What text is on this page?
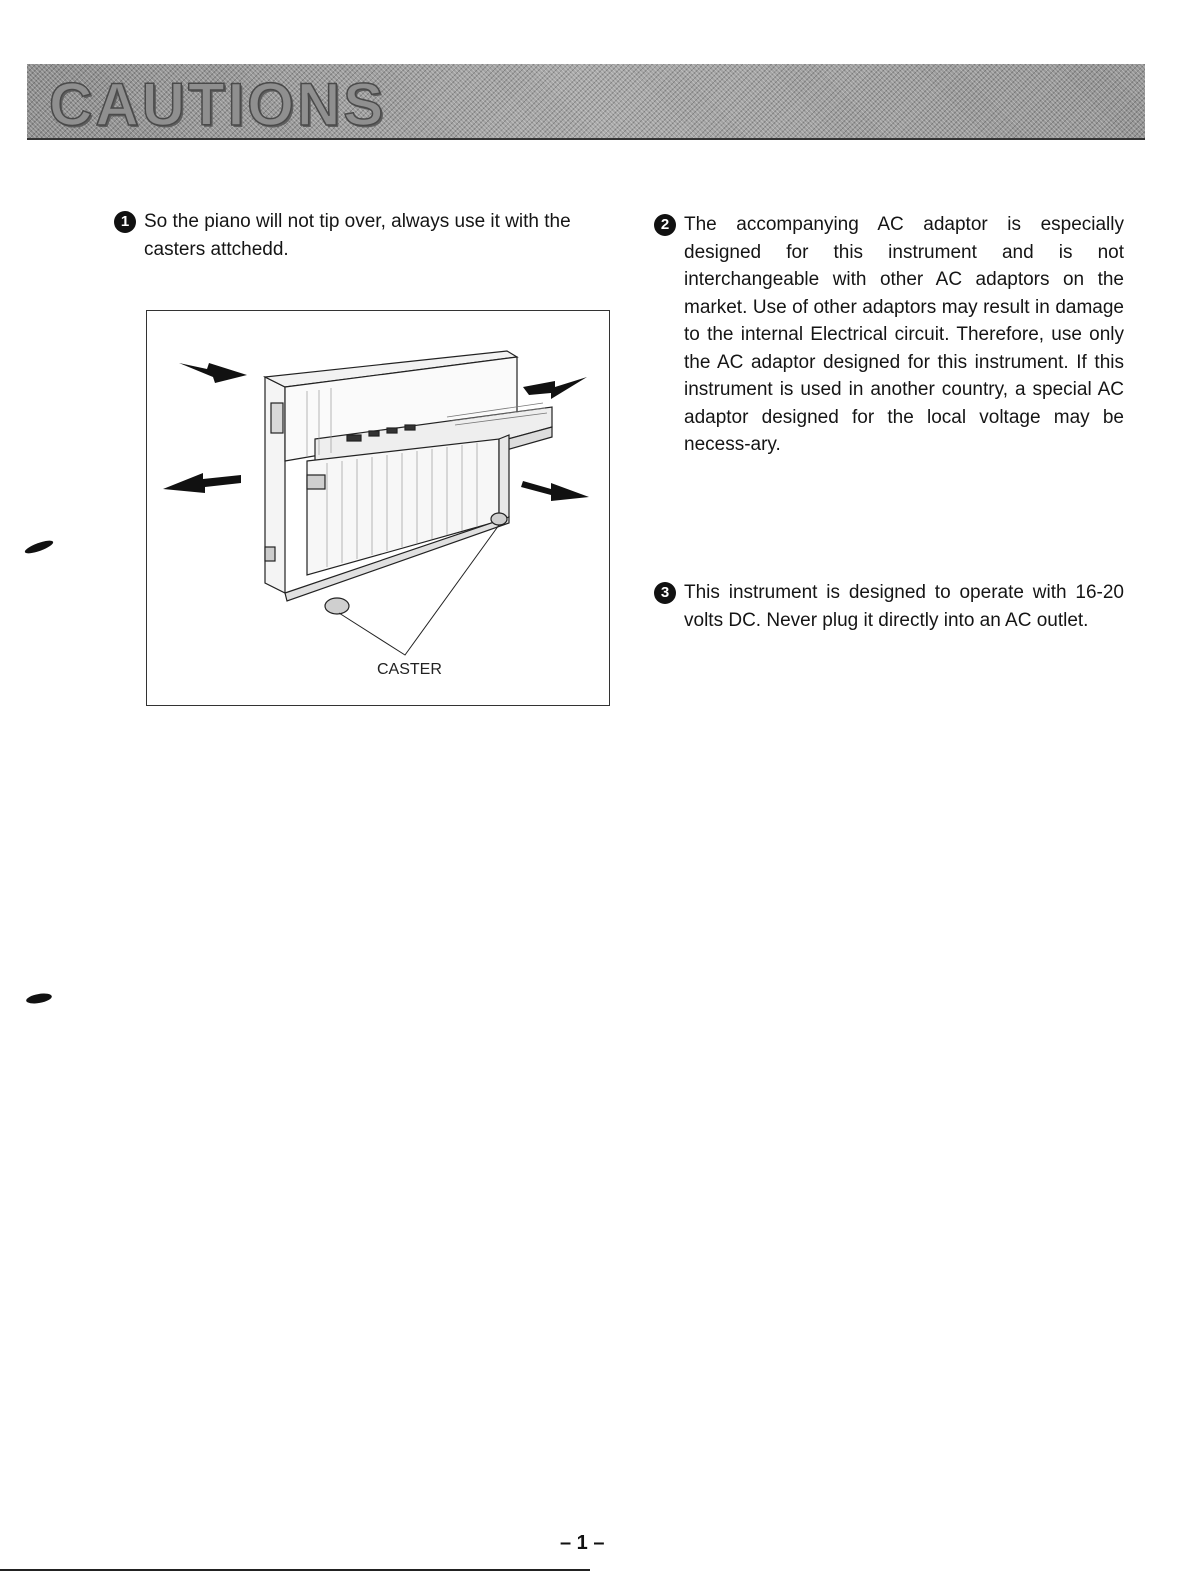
CAUTIONS
1 So the piano will not tip over, always use it with the casters attchedd.

2 The accompanying AC adaptor is especially designed for this instrument and is not interchangeable with other AC adaptors on the market. Use of other adaptors may result in damage to the internal Electrical circuit. Therefore, use only the AC adaptor designed for this instrument. If this instrument is used in another country, a special AC adaptor designed for the local voltage may be necess-ary.

3 This instrument is designed to operate with 16-20 volts DC. Never plug it directly into an AC outlet.

CASTER
– 1 –
